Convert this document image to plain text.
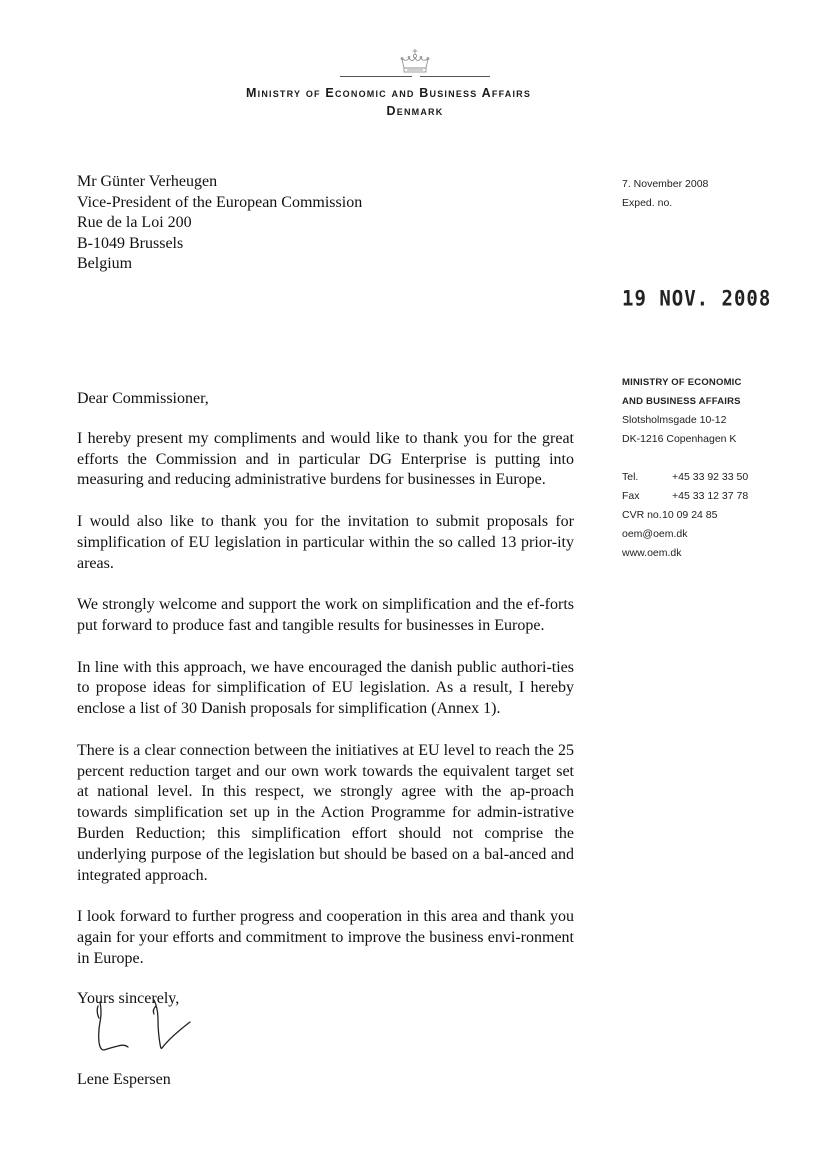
Ministry of Economic and Business Affairs
Denmark
Mr Günter Verheugen
Vice-President of the European Commission
Rue de la Loi 200
B-1049 Brussels
Belgium
7. November 2008
Exped. no.
19 NOV. 2008
MINISTRY OF ECONOMIC
AND BUSINESS AFFAIRS
Slotsholmsgade 10-12
DK-1216 Copenhagen K
Tel.	+45 33 92 33 50
Fax	+45 33 12 37 78
CVR no.10 09 24 85
oem@oem.dk
www.oem.dk

Dear Commissioner,

I hereby present my compliments and would like to thank you for the great efforts the Commission and in particular DG Enterprise is putting into measuring and reducing administrative burdens for businesses in Europe.

I would also like to thank you for the invitation to submit proposals for simplification of EU legislation in particular within the so called 13 prior-ity areas.

We strongly welcome and support the work on simplification and the ef-forts put forward to produce fast and tangible results for businesses in Europe.

In line with this approach, we have encouraged the danish public authori-ties to propose ideas for simplification of EU legislation. As a result, I hereby enclose a list of 30 Danish proposals for simplification (Annex 1).

There is a clear connection between the initiatives at EU level to reach the 25 percent reduction target and our own work towards the equivalent target set at national level. In this respect, we strongly agree with the ap-proach towards simplification set up in the Action Programme for admin-istrative Burden Reduction; this simplification effort should not comprise the underlying purpose of the legislation but should be based on a bal-anced and integrated approach.

I look forward to further progress and cooperation in this area and thank you again for your efforts and commitment to improve the business envi-ronment in Europe.

Yours sincerely,
Lene Espersen
